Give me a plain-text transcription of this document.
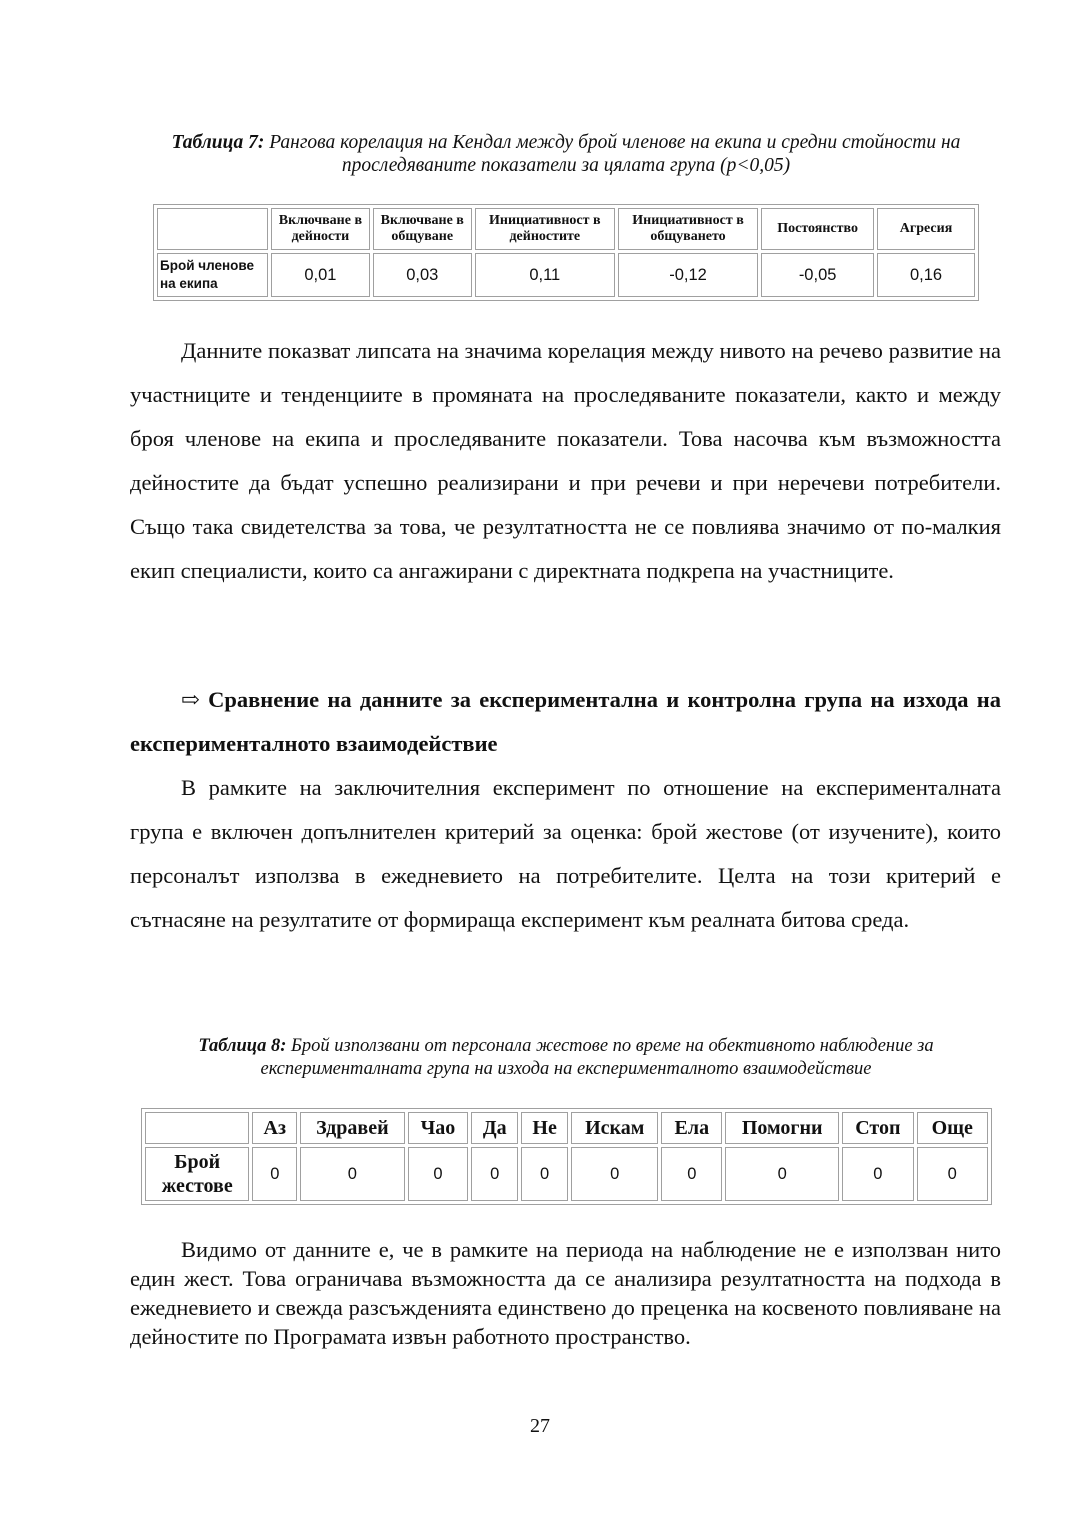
Таблица 7: Рангова корелация на Кендал между брой членове на екипа и средни стойности на проследяваните показатели за цялата група (p<0,05)
	Включване в дейности	Включване в общуване	Инициативност в дейностите	Инициативност в общуването	Постоянство	Агресия
Брой членове на екипа	0,01	0,03	0,11	-0,12	-0,05	0,16

Данните показват липсата на значима корелация между нивото на речево развитие на участниците и тенденциите в промяната на проследяваните показатели, както и между броя членове на екипа и проследяваните показатели. Това насочва към възможността дейностите да бъдат успешно реализирани и при речеви и при неречеви потребители. Също така свидетелства за това, че резултатността не се повлиява значимо от по-малкия екип специалисти, които са ангажирани с директната подкрепа на участниците.

⇨ Сравнение на данните за експериментална и контролна група на изхода на експерименталното взаимодействие

В рамките на заключителния експеримент по отношение на експерименталната група е включен допълнителен критерий за оценка: брой жестове (от изучените), които персоналът използва в ежедневието на потребителите. Целта на този критерий е сътнасяне на резултатите от формираща експеримент към реалната битова среда.

Таблица 8: Брой използвани от персонала жестове по време на обективното наблюдение за експерименталната група на изхода на експерименталното взаимодействие
	Аз	Здравей	Чао	Да	Не	Искам	Ела	Помогни	Стоп	Още
Брой жестове	0	0	0	0	0	0	0	0	0	0

Видимо от данните е, че в рамките на периода на наблюдение не е използван нито един жест. Това ограничава възможността да се анализира резултатността на подхода в ежедневието и свежда разсъжденията единствено до преценка на косвеното повлияване на дейностите по Програмата извън работното пространство.

27
